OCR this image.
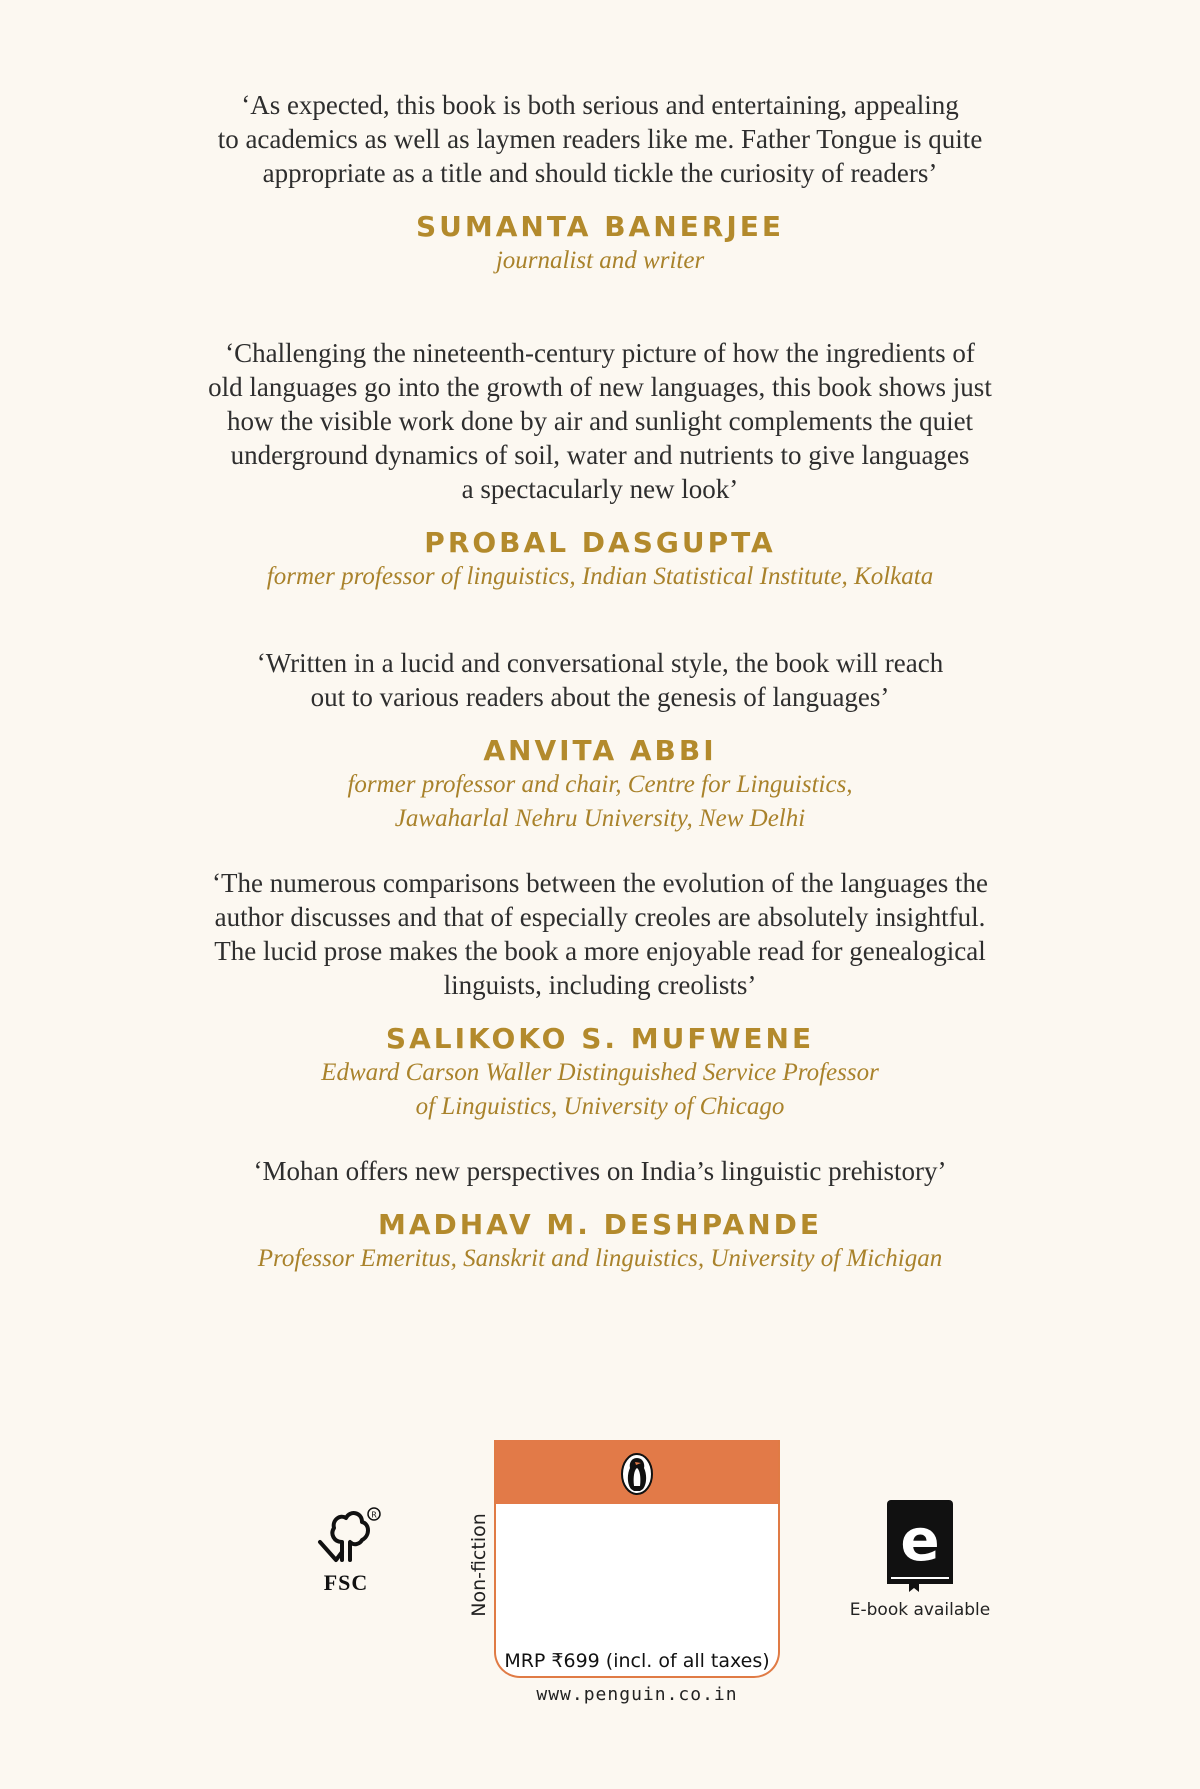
‘As expected, this book is both serious and entertaining, appealing
to academics as well as laymen readers like me. Father Tongue is quite
appropriate as a title and should tickle the curiosity of readers’
SUMANTA BANERJEE
journalist and writer
‘Challenging the nineteenth-century picture of how the ingredients of
old languages go into the growth of new languages, this book shows just
how the visible work done by air and sunlight complements the quiet
underground dynamics of soil, water and nutrients to give languages
a spectacularly new look’
PROBAL DASGUPTA
former professor of linguistics, Indian Statistical Institute, Kolkata
‘Written in a lucid and conversational style, the book will reach
out to various readers about the genesis of languages’
ANVITA ABBI
former professor and chair, Centre for Linguistics,
Jawaharlal Nehru University, New Delhi
‘The numerous comparisons between the evolution of the languages the
author discusses and that of especially creoles are absolutely insightful.
The lucid prose makes the book a more enjoyable read for genealogical
linguists, including creolists’
SALIKOKO S. MUFWENE
Edward Carson Waller Distinguished Service Professor
of Linguistics, University of Chicago
‘Mohan offers new perspectives on India’s linguistic prehistory’
MADHAV M. DESHPANDE
Professor Emeritus, Sanskrit and linguistics, University of Michigan
R
FSC	Non-fiction
MRP ₹699 (incl. of all taxes)
www.penguin.co.in
e
E-book available
